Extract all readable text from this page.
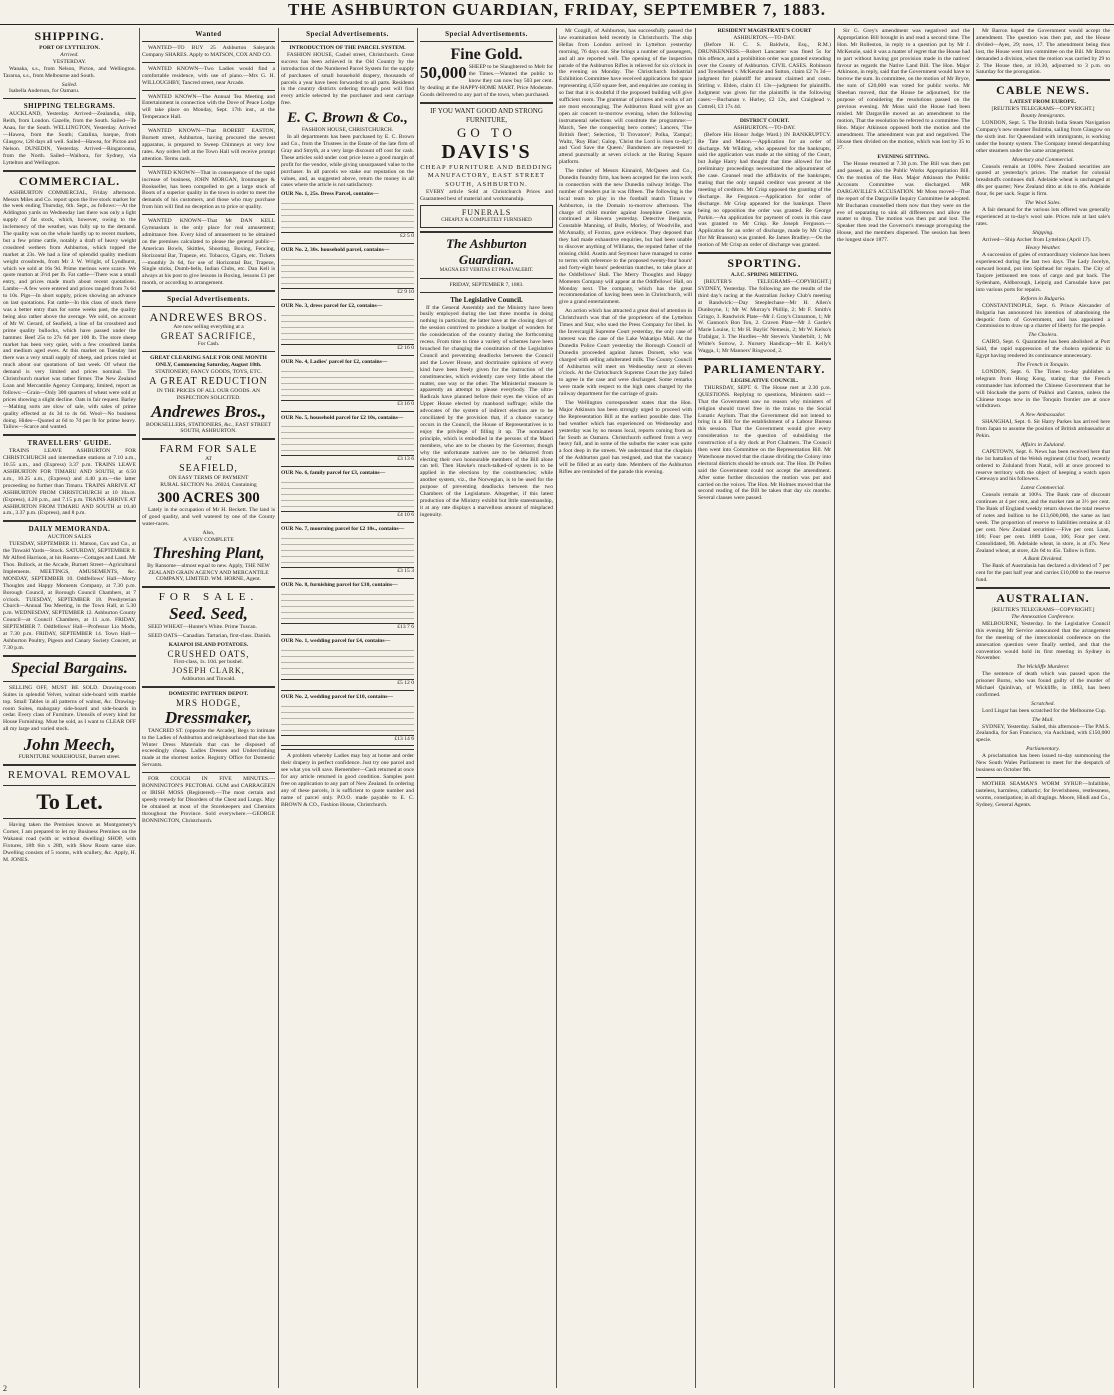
THE ASHBURTON GUARDIAN, FRIDAY, SEPTEMBER 7, 1883.
SHIPPING.
PORT OF LYTTELTON.
Arrived.
YESTERDAY.

Wanaka, s.s., from Nelson, Picton, and Wellington. Tararua, s.s., from Melbourne and South.

Sailed.

Isabella Anderson, for Oamaru.

SHIPPING TELEGRAMS.

AUCKLAND, Yesterday. Arrived—Zealandia, ship, Reith, from London. Gazelle, from the South. Sailed—Te Anau, for the South. WELLINGTON, Yesterday. Arrived—Hawea, from the South; Catalina, barque, from Glasgow, 128 days all well. Sailed—Hawea, for Picton and Nelson. DUNEDIN, Yesterday. Arrived—Ringarooma, from the North. Sailed—Waihora, for Sydney, via Lyttelton and Wellington.

COMMERCIAL.

ASHBURTON COMMERCIAL, Friday afternoon. Messrs Miles and Co. report upon the live stock market for the week ending Thursday, 6th. Sept., as follows:—At the Addington yards on Wednesday last there was only a light supply of fat stock, which, however, owing to the inclemency of the weather, was fully up to the demand. The quality was on the whole hardly up to recent markets, but a few prime cattle, notably a draft of heavy weight crossbred wethers from Ashburton, which topped the market at 23s. We had a line of splendid quality medium weight crossbreds, from Mr J. W. Wright, of Lyndhurst, which we sold at 16s 9d. Prime merinos were scarce. We quote mutton at 3½d per lb. Fat cattle—There was a small entry, and prices made much about recent quotations. Lambs—A few were entered and prices ranged from 7s 6d to 10s. Pigs—In short supply, prices showing an advance on last quotations. Fat cattle—In this class of stock there was a better entry than for some weeks past, the quality being also rather above the average. We sold, on account of Mr W. Gerard, of Seafield, a line of fat crossbred and prime quality bullocks, which have passed under the hammer. Beef 25s to 27s 6d per 100 lb. The store sheep market has been very quiet, with a few crossbred lambs and medium aged ewes. At this market on Tuesday last there was a very small supply of sheep, and prices ruled at much about our quotations of last week. Of wheat the demand is very limited and prices nominal. The Christchurch market was rather firmer. The New Zealand Loan and Mercantile Agency Company, limited, report as follows:—Grain—Only 300 quarters of wheat were sold at prices showing a slight decline. Oats in fair request. Barley—Malting sorts are slow of sale, with sales of prime quality effected at 4s 3d to 4s 6d. Wool—No business doing. Hides—Quoted at 6d to 7d per lb for prime heavy. Tallow—Scarce and wanted.

TRAVELLERS' GUIDE.

TRAINS LEAVE ASHBURTON FOR CHRISTCHURCH and intermediate stations at 7.10 a.m., 10.55 a.m., and (Express) 3.37 p.m. TRAINS LEAVE ASHBURTON FOR TIMARU AND SOUTH, at 6.50 a.m., 10.25 a.m., (Express) and 4.40 p.m.—the latter proceeding no further than Timaru. TRAINS ARRIVE AT ASHBURTON FROM CHRISTCHURCH at 10 10a.m. (Express), 4.20 p.m., and 7.15 p.m. TRAINS ARRIVE AT ASHBURTON FROM TIMARU AND SOUTH at 10.40 a.m., 3.37 p.m. (Express), and 8 p.m.

DAILY MEMORANDA.
AUCTION SALES

TUESDAY, SEPTEMBER 11. Matson, Cox and Co., at the Tinwald Yards—Stock. SATURDAY, SEPTEMBER 8. Mr Alfred Harrison, at his Rooms—Cottages and Land. Mr Thos. Bullock, at the Arcade, Burnett Street—Agricultural Implements. MEETINGS, AMUSEMENTS, &c. MONDAY, SEPTEMBER 10. Oddfellows' Hall—Morty Thoughts and Happy Moments Company, at 7.30 p.m. Borough Council, at Borough Council Chambers, at 7 o'clock. TUESDAY, SEPTEMBER 18. Presbyterian Church—Annual Tea Meeting, in the Town Hall, at 5.30 p.m. WEDNESDAY, SEPTEMBER 12. Ashburton County Council—at Council Chambers, at 11 a.m. FRIDAY, SEPTEMBER 7. Oddfellows' Hall—Professor Lio Modo, at 7.30 p.m. FRIDAY, SEPTEMBER 14. Town Hall—Ashburton Poultry, Pigeon and Canary Society Concert, at 7.30 p.m.

Special Bargains.

SELLING OFF, MUST BE SOLD. Drawing-room Suites in splendid Velvet, walnut side-board with marble top. Small Tables in all patterns of walnut, &c. Drawing-room Suites, mahogany side-board and side-boards in cedar. Every class of Furniture. Utensils of every kind for House Furnishing. Must be sold, as I want to CLEAR OFF all my large and varied stock.

John Meech,
FURNITURE WAREHOUSE, Burnett street.
REMOVAL REMOVAL
To Let.

Having taken the Premises known as Montgomery's Corner, I am prepared to let my Business Premises on the Wakanui road (with or without dwelling) SHOP, with Fixtures, 18ft 6in x 28ft, with Show Room same size. Dwelling consists of 5 rooms, with scullery, &c. Apply, H. M. JONES.

Wanted

WANTED—TO BUY 25 Ashburton Saleyards Company SHARES. Apply to MATSON, COX AND CO.

WANTED KNOWN—Two Ladies would find a comfortable residence, with use of piano.—Mrs G. H. WILLOUGHBY, Tancred street, near Arcade.

WANTED KNOWN—The Annual Tea Meeting and Entertainment in connection with the Dove of Peace Lodge will take place on Monday, Sept. 17th inst., at the Temperance Hall.

WANTED KNOWN—That ROBERT EASTON, Burnett street, Ashburton, having procured the newest apparatus, is prepared to Sweep Chimneys at very low rates. Any orders left at the Town Hall will receive prompt attention. Terms cash.

WANTED KNOWN—That in consequence of the rapid increase of business, JOHN MORGAN, Ironmonger & Bookseller, has been compelled to get a large stock of Boots of a superior quality in the town in order to meet the demands of his customers, and those who may purchase from him will find no deception as to price or quality.

WANTED KNOWN—That Mr DAN KELL Gymnasium is the only place for real amusement; admittance free. Every kind of amusement to be obtained on the premises calculated to please the general public—American Bowls, Skittles, Shooting, Boxing, Fencing, Horizontal Bar, Trapeze, etc. Tobacco, Cigars, etc. Tickets—monthly 2s 6d, for use of Horizontal Bar, Trapeze, Single sticks, Dumb-bells, Indian Clubs, etc. Dan Kell is always at his post to give lessons in Boxing, lessons £1 per month, or according to arrangement.

Special Advertisements.
ANDREWES BROS.
Are now selling everything at a
GREAT SACRIFICE,
For Cash.
GREAT CLEARING SALE FOR ONE MONTH ONLY, Commencing Saturday, August 18th.
STATIONERY, FANCY GOODS, TOYS, ETC.
A GREAT REDUCTION
IN THE PRICES OF ALL OUR GOODS. AN INSPECTION SOLICITED.
Andrewes Bros.,
BOOKSELLERS, STATIONERS, &c., EAST STREET SOUTH, ASHBURTON.
FARM FOR SALE
AT
SEAFIELD,
ON EASY TERMS OF PAYMENT
RURAL SECTION No. 26024, Containing
300 ACRES 300

Lately in the occupation of Mr H. Beckett. The land is of good quality, and well watered by one of the County water-races.

Also,
A VERY COMPLETE
Threshing Plant,
By Ransome—almost equal to new. Apply, THE NEW ZEALAND GRAIN AGENCY AND MERCANTILE COMPANY, LIMITED. WM. HORNE, Agent.
FOR SALE.
Seed. Seed,

SEED WHEAT—Hunter's White. Prime Tuscan.

SEED OATS—Canadian. Tartarian, first-class. Danish.

KAIAPOI ISLAND POTATOES.
CRUSHED OATS,
First-class, 1s. 10d. per bushel.
JOSEPH CLARK,
Ashburton and Tinwald.
DOMESTIC PATTERN DEPOT.
MRS HODGE,
Dressmaker,

TANCRED ST. (opposite the Arcade), Begs to intimate to the Ladies of Ashburton and neighbourhood that she has Winter Dress Materials that can be disposed of exceedingly cheap. Ladies Dresses and Underclothing made at the shortest notice. Registry Office for Domestic Servants.

FOR COUGH IN FIVE MINUTES.—BONNINGTON'S PECTORAL GUM and CARRAGEEN or IRISH MOSS (Registered).—The most certain and speedy remedy for Disorders of the Chest and Lungs. May be obtained at most of the Storekeepers and Chemists throughout the Province. Sold everywhere.—GEORGE BONNINGTON, Christchurch.

Special Advertisements.
INTRODUCTION OF THE PARCEL SYSTEM.

FASHION HOUSE, Cashel street, Christchurch. Great success has been achieved in the Old Country by the introduction of the Numbered Parcel System for the supply of purchases of small household drapery, thousands of parcels a year have been forwarded to all parts. Residents in the country districts ordering through post will find every article selected by the purchaser and sent carriage free.

E. C. Brown & Co.,
FASHION HOUSE, CHRISTCHURCH.

In all departments has been purchased by E. C. Brown and Co., from the Trustees in the Estate of the late firm of Gray and Smyth, at a very large discount off cost for cash. These articles sold under cost price leave a good margin of profit for the vendor, while giving unsurpassed value to the purchaser. In all parcels we stake our reputation on the values, and, as suggested above, return the money in all cases where the article is not satisfactory.

OUR No. 1, 25s. Dress Parcel, contains—
£2 5 0
OUR No. 2, 30s. household parcel, contains—
£2 9 10
OUR No. 3, dress parcel for £2, contains—
£2 16 0
OUR No. 4, Ladies' parcel for £2, contains—
£3 16 0
OUR No. 5, household parcel for £2 10s, contains—
£3 13 6
OUR No. 6, family parcel for £3, contains—
£4 10 6
OUR No. 7, mourning parcel for £2 10s., contains—
£3 15 3
OUR No. 8, furnishing parcel for £10, contains—
£13 7 6
OUR No. 1, wedding parcel for £4, contains—
£5 12 0
OUR No. 2, wedding parcel for £10, contains—
£13 14 6

A problem whereby Ladies may buy at home and order their drapery in perfect confidence. Just try one parcel and see what you will save. Remember—Cash returned at once for any article returned in good condition. Samples post free on application to any part of New Zealand. In ordering any of these parcels, it is sufficient to quote number and name of parcel only. P.O.O. made payable to E. C. BROWN & CO., Fashion House, Christchurch.

Special Advertisements.
Fine Gold.
50,000 SHEEP to be Slaughtered to Melt for the Times.—Wanted the public to know they can now buy 503 per cent. by dealing at the HAPPY-HOME MART. Price Moderate. Goods delivered to any part of the town, when purchased.
IF YOU WANT GOOD AND STRONG FURNITURE,
GO TO
DAVIS'S
CHEAP FURNITURE AND BEDDING MANUFACTORY, EAST STREET SOUTH, ASHBURTON.

EVERY article Sold at Christchurch Prices and Guaranteed best of material and workmanship.

FUNERALS
CHEAPLY & COMPLETELY FURNISHED
The Ashburton Guardian.
MAGNA EST VERITAS ET PRAEVALEBIT.
FRIDAY, SEPTEMBER 7, 1883.
The Legislative Council.

If the General Assembly and the Ministry have been busily employed during the last three months in doing nothing in particular, the latter have at the closing days of the session contrived to produce a budget of wonders for the consideration of the country during the forthcoming recess. From time to time a variety of schemes have been broached for changing the constitution of the Legislative Council and preventing deadlocks between the Council and the Lower House, and doctrinaire opinions of every kind have been freely given for the instruction of the constituencies, which evidently care very little about the matter, one way or the other. The Ministerial measure is apparently an attempt to please everybody. The ultra-Radicals have planned before their eyes the vision of an Upper House elected by manhood suffrage; while the advocates of the system of indirect election are to be conciliated by the provision that, if a chance vacancy occurs in the Council, the House of Representatives is to enjoy the privilege of filling it up. The nominated principle, which is embodied in the persons of the Maori members, who are to be chosen by the Governor, though why the unfortunate natives are to be debarred from electing their own honourable members of the Bill alone can tell. Then Hawke's much-talked-of system is to be applied in the elections by the constituencies; while another system, viz., the Norwegian, is to be used for the purpose of preventing deadlocks between the two Chambers of the Legislature. Altogether, if this latest production of the Ministry exhibit but little statesmanship, it at any rate displays a marvellous amount of misplaced ingenuity.

Mr Cozgill, of Ashburton, has successfully passed the law examination held recently in Christchurch. The ship Hellas from London arrived in Lyttelton yesterday morning, 76 days out. She brings a number of passengers, and all are reported well. The opening of the inspection parade of the Ashburton Rifles is relieved for six o'clock in the evening on Monday. The Christchurch Industrial Exhibition Committee have received applications for space representing 4,550 square feet, and enquiries are coming in so fast that it is doubtful if the proposed building will give sufficient room. The grammar of pictures and works of art are most encouraging. The Ashburton Band will give an open air concert to-morrow evening, when the following instrumental selections will constitute the programme:—March, 'See the conquering hero comes'; Lancers, 'The British fleet'; Selection, 'Il Trovatore'; Polka, 'Zampa'; Waltz, 'Ruy Blas'; Galop, 'Christ the Lord is risen to-day'; and 'God Save the Queen.' Bandsmen are requested to attend punctually at seven o'clock at the Baring Square platform.

The timber of Messrs Kinnaird, McQueen and Co., Dunedin foundry firm, has been accepted for the iron work in connection with the new Dunedin railway bridge. The number of tenders put in was fifteen. The following is the local team to play in the football match Timaru v Ashburton, in the Domain to-morrow afternoon. The charge of child murder against Josephine Green was continued at Hawera yesterday. Detective Benjamin, Constable Manning, of Bulls, Morley, of Woodville, and McAnnally, of Foxton, gave evidence. They deposed that they had made exhaustive enquiries, but had been unable to discover anything of Williams, the reputed father of the missing child. Austin and Seymour have managed to come to terms with reference to the proposed twenty-four hours' and forty-eight hours' pedestrian matches, to take place at the Oddfellows' Hall. The Merry Thoughts and Happy Moments Company will appear at the Oddfellows' Hall, on Monday next. The company, which has the great recommendation of having been seen in Christchurch, will give a grand entertainment.

An action which has attracted a great deal of attention in Christchurch was that of the proprietors of the Lyttelton Times and Star, who sued the Press Company for libel. In the Invercargill Supreme Court yesterday, the only case of interest was the case of the Lake Wakatipu Mail. At the Dunedin Police Court yesterday the Borough Council of Dunedin proceeded against James Dorsett, who was charged with selling adulterated milk. The County Council of Ashburton will meet on Wednesday next at eleven o'clock. At the Christchurch Supreme Court the jury failed to agree in the case and were discharged. Some remarks were made with respect to the high rates charged by the railway department for the carriage of grain.

The Wellington correspondent states that the Hon. Major Atkinson has been strongly urged to proceed with the Representation Bill at the earliest possible date. The bad weather which has experienced on Wednesday and yesterday was by no means local, reports coming from as far South as Oamaru. Christchurch suffered from a very heavy fall, and in some of the suburbs the water was quite a foot deep in the streets. We understand that the chaplain of the Ashburton gaol has resigned, and that the vacancy will be filled at an early date. Members of the Ashburton Rifles are reminded of the parade this evening.

RESIDENT MAGISTRATE'S COURT
ASHBURTON.—TO-DAY.

(Before H. C. S. Baldwin, Esq., R.M.) DRUNKENNESS.—Robert Lancaster was fined 5s for this offence, and a prohibition order was granted extending over the County of Ashburton. CIVIL CASES. Robinson and Townshend v. McKenzie and Sutton, claim £2 7s 3d—judgment for plaintiff for amount claimed and costs. Stirling v. Elden, claim £1 13s—judgment for plaintiffs. Judgment was given for the plaintiffs in the following cases:—Buchanan v. Hurley, £2 12s, and Craighead v. Cottrell, £3 17s 4d.

DISTRICT COURT.
ASHBURTON.—TO-DAY.

(Before His Honor Judge Ward.) IN BANKRUPTCY. Re Tate and Mason.—Application for an order of discharge. Mr Wilding, who appeared for the bankrupts, said the application was made at the sitting of the Court, but Judge Harry had thought that time allowed for the preliminary proceedings necessitated the adjournment of the case. Counsel read the affidavits of the bankrupts, stating that the only unpaid creditor was present at the meeting of creditors. Mr Crisp opposed the granting of the discharge. Re Ferguson.—Application for order of discharge. Mr Crisp appeared for the bankrupt. There being no opposition the order was granted. Re George Parkin.—An application for payment of costs in this case was granted to Mr Crisp. Re Joseph Ferguson.—Application for an order of discharge, made by Mr Crisp (for Mr Branson) was granted. Re James Bradley.—On the motion of Mr Crisp an order of discharge was granted.

SPORTING.
A.J.C. SPRING MEETING.

[REUTER'S TELEGRAMS—COPYRIGHT.] SYDNEY, Yesterday. The following are the results of the third day's racing at the Australian Jockey Club's meeting at Randwick:—Day Steeplechase—Mr H. Allen's Dunboyne, 1; Mr W. Murray's Phillip, 2; Mr F. Smith's Gringo, 3. Randwick Plate—Mr J. Gray's Cinnamon, 1; Mr W. Gannon's Bon Ton, 2. Craven Plate—Mr J. Garde's Marie Louise, 1; Mr H. Baylis' Nemesis, 2; Mr W. Kelso's Trafalgar, 3. The Hurdles—Mr Steven's Vanderbilt, 1; Mr White's Sorrow, 2. Nursery Handicap—Mr E. Kelly's Wagga, 1; Mr Manners' Ringwood, 2.

PARLIAMENTARY.
LEGISLATIVE COUNCIL.

THURSDAY, SEPT. 6. The House met at 2.30 p.m. QUESTIONS. Replying to questions, Ministers said:—That the Government saw no reason why ministers of religion should travel free in the trains to the Social Lunatic Asylum. That the Government did not intend to bring in a Bill for the establishment of a Labour Bureau this session. That the Government would give every consideration to the question of subsidising the construction of a dry dock at Port Chalmers. The Council then went into Committee on the Representation Bill. Mr Waterhouse moved that the clause dividing the Colony into electoral districts should be struck out. The Hon. Dr Pollen said the Government could not accept the amendment. After some further discussion the motion was put and carried on the voices. The Hon. Mr Holmes moved that the second reading of the Bill be taken that day six months. Several clauses were passed.

Sir G. Grey's amendment was negatived and the Appropriation Bill brought in and read a second time. The Hon. Mr Rolleston, in reply to a question put by Mr J. McKenzie, said it was a matter of regret that the House had to part without having got provision made in the natives' favour as regards the Native Land Bill. The Hon. Major Atkinson, in reply, said that the Government would have to borrow the sum. In committee, on the motion of Mr Bryce, the sum of £20,000 was voted for public works. Mr Sheehan moved, that the House be adjourned, for the purpose of considering the resolutions passed on the previous evening. Mr Moss said the House had been misled. Mr Dargaville moved as an amendment to the motion, That the resolution be referred to a committee. The Hon. Major Atkinson opposed both the motion and the amendment. The amendment was put and negatived. The House then divided on the motion, which was lost by 35 to 27.

EVENING SITTING.

The House resumed at 7.30 p.m. The Bill was then put and passed, as also the Public Works Appropriation Bill. On the motion of the Hon. Major Atkinson the Public Accounts Committee was discharged. MR DARGAVILLE'S ACCUSATION. Mr Moss moved—That the report of the Dargaville Inquiry Committee be adopted. Mr Buchanan counselled them now that they were on the eve of separating to sink all differences and allow the matter to drop. The motion was then put and lost. The Speaker then read the Governor's message proroguing the House, and the members dispersed. The session has been the longest since 1877.

Mr Barron hoped the Government would accept the amendment. The question was then put, and the House divided—Ayes, 29; noes, 17. The amendment being thus lost, the House went into committee on the Bill. Mr Barron demanded a division, when the motion was carried by 29 to 2. The House then, at 10.30, adjourned to 3 p.m. on Saturday for the prorogation.

CABLE NEWS.
LATEST FROM EUROPE.
[REUTER'S TELEGRAMS—COPYRIGHT.]
Bounty Immigrants.

LONDON, Sept. 5. The British India Steam Navigation Company's new steamer Bulimba, sailing from Glasgow on the sixth inst. for Queensland with immigrants, is working under the bounty system. The Company intend despatching other steamers under the same arrangement.

Monetary and Commercial.

Consols remain at 100⅝. New Zealand securities are quoted at yesterday's prices. The market for colonial breadstuffs continues dull. Adelaide wheat is unchanged at 48s per quarter; New Zealand ditto at 44s to 46s. Adelaide flour, 6s per sack. Sugar is firm.

The Wool Sales.

A fair demand for the various lots offered was generally experienced at to-day's wool sale. Prices rule at last sale's rates.

Shipping.

Arrived—Ship Archer from Lyttelton (April 17).

Heavy Weather.

A succession of gales of extraordinary violence has been experienced during the last two days. The Lady Jocelyn, outward bound, put into Spithead for repairs. The City of Tanjore jettisoned ten tons of cargo and put back. The Sydenham, Aldborough, Leipzig and Carnsdale have put into various ports for repairs.

Reform in Bulgaria.

CONSTANTINOPLE, Sept. 6. Prince Alexander of Bulgaria has announced his intention of abandoning the despotic form of Government, and has appointed a Commission to draw up a charter of liberty for the people.

The Cholera.

CAIRO, Sept. 6. Quarantine has been abolished at Port Said, the rapid suppression of the cholera epidemic in Egypt having rendered its continuance unnecessary.

The French in Tonquin.

LONDON, Sept. 6. The Times to-day publishes a telegram from Hong Kong, stating that the French commander has informed the Chinese Government that he will blockade the ports of Pakhoi and Canton, unless the Chinese troops now in the Tonquin frontier are at once withdrawn.

A New Ambassador.

SHANGHAI, Sept. 6. Sir Harry Parkes has arrived here from Japan to assume the position of British ambassador at Pekin.

Affairs in Zululand.

CAPETOWN, Sept. 6. News has been received here that the 1st battalion of the Welsh regiment (41st foot), recently ordered to Zululand from Natal, will at once proceed to reserve territory with the object of keeping a watch upon Cetewayo and his followers.

Latest Commercial.

Consols remain at 100¼. The Bank rate of discount continues at 4 per cent, and the market rate at 3½ per cent. The Bank of England weekly return shows the total reserve of notes and bullion to be £13,600,000, the same as last week. The proportion of reserve to liabilities remains at 43 per cent. New Zealand securities:—Five per cent. Loan, 106; Four per cent. 1889 Loan, 106; Four per cent. Consolidated, 96. Adelaide wheat, in store, is at 47s. New Zealand wheat, at store, 42s 6d to 45s. Tallow is firm.

A Bank Dividend.

The Bank of Australasia has declared a dividend of 7 per cent for the past half year and carries £10,000 to the reserve fund.

AUSTRALIAN.
[REUTER'S TELEGRAMS—COPYRIGHT.]
The Annexation Conference.

MELBOURNE, Yesterday. In the Legislative Council this evening Mr Service announced that the arrangement for the meeting of the intercolonial conference on the annexation question were finally settled, and that the convention would hold its first meeting in Sydney in November.

The Wickliffe Murderer.

The sentence of death which was passed upon the prisoner Burns, who was found guilty of the murder of Michael Quinlivan, of Wickliffe, in 1883, has been confirmed.

Scratched.

Lord Lisgar has been scratched for the Melbourne Cup.

The Mail.

SYDNEY, Yesterday. Sailed, this afternoon—The P.M.S. Zealandia, for San Francisco, via Auckland, with £150,000 specie.

Parliamentary.

A proclamation has been issued to-day summoning the New South Wales Parliament to meet for the despatch of business on October 9th.

MOTHER SEAMAN'S WORM SYRUP.—Infallible, tasteless, harmless, cathartic; for feverishness, restlessness, worms, constipation; in all dragings. Moore, Hindi and Co., Sydney, General Agents.

2
